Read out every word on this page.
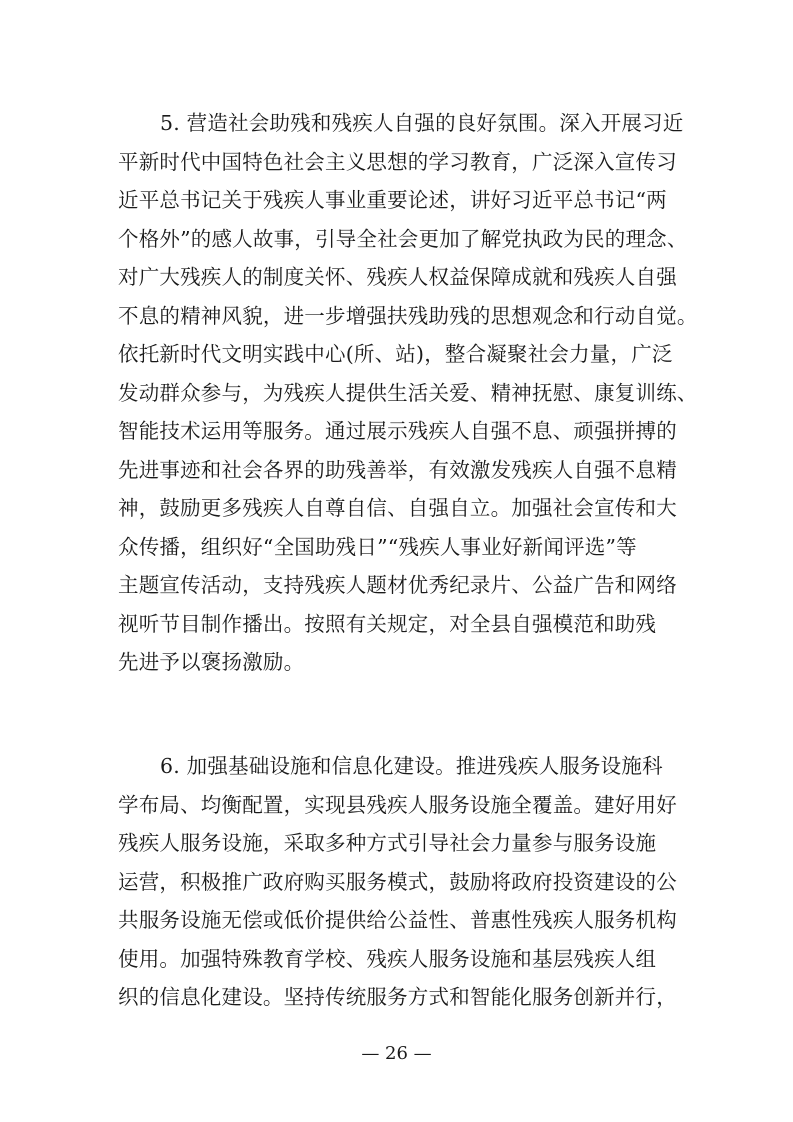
5. 营造社会助残和残疾人自强的良好氛围。深入开展习近
平新时代中国特色社会主义思想的学习教育，广泛深入宣传习
近平总书记关于残疾人事业重要论述，讲好习近平总书记“两
个格外”的感人故事，引导全社会更加了解党执政为民的理念、
对广大残疾人的制度关怀、残疾人权益保障成就和残疾人自强
不息的精神风貌，进一步增强扶残助残的思想观念和行动自觉。
依托新时代文明实践中心(所、站)，整合凝聚社会力量，广泛
发动群众参与，为残疾人提供生活关爱、精神抚慰、康复训练、
智能技术运用等服务。通过展示残疾人自强不息、顽强拼搏的
先进事迹和社会各界的助残善举，有效激发残疾人自强不息精
神，鼓励更多残疾人自尊自信、自强自立。加强社会宣传和大
众传播，组织好“全国助残日”“残疾人事业好新闻评选”等
主题宣传活动，支持残疾人题材优秀纪录片、公益广告和网络
视听节目制作播出。按照有关规定，对全县自强模范和助残
先进予以褒扬激励。
6. 加强基础设施和信息化建设。推进残疾人服务设施科
学布局、均衡配置，实现县残疾人服务设施全覆盖。建好用好
残疾人服务设施，采取多种方式引导社会力量参与服务设施
运营，积极推广政府购买服务模式，鼓励将政府投资建设的公
共服务设施无偿或低价提供给公益性、普惠性残疾人服务机构
使用。加强特殊教育学校、残疾人服务设施和基层残疾人组
织的信息化建设。坚持传统服务方式和智能化服务创新并行，
— 26 —
